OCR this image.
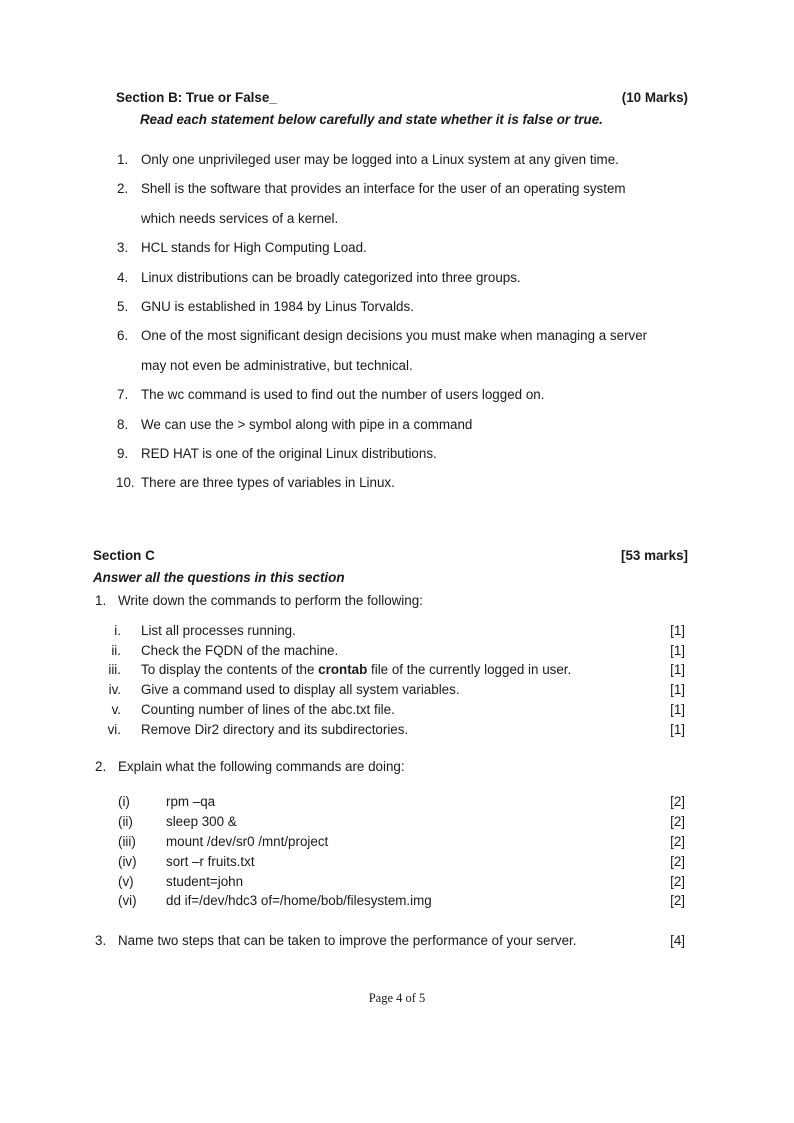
Section B: True or False_	(10 Marks)
Read each statement below carefully and state whether it is false or true.
1. Only one unprivileged user may be logged into a Linux system at any given time.
2. Shell is the software that provides an interface for the user of an operating system
which needs services of a kernel.
3. HCL stands for High Computing Load.
4. Linux distributions can be broadly categorized into three groups.
5. GNU is established in 1984 by Linus Torvalds.
6. One of the most significant design decisions you must make when managing a server
may not even be administrative, but technical.
7. The wc command is used to find out the number of users logged on.
8. We can use the > symbol along with pipe in a command
9. RED HAT is one of the original Linux distributions.
10. There are three types of variables in Linux.
Section C	[53 marks]
Answer all the questions in this section
1. Write down the commands to perform the following:
i. List all processes running.	[1]
ii. Check the FQDN of the machine.	[1]
iii. To display the contents of the crontab file of the currently logged in user.	[1]
iv. Give a command used to display all system variables.	[1]
v. Counting number of lines of the abc.txt file.	[1]
vi. Remove Dir2 directory and its subdirectories.	[1]
2. Explain what the following commands are doing:
(i)	rpm –qa	[2]
(ii) sleep 300 &	[2]
(iii) mount /dev/sr0 /mnt/project	[2]
(iv) sort –r fruits.txt	[2]
(v) student=john	[2]
(vi) dd if=/dev/hdc3 of=/home/bob/filesystem.img	[2]
3. Name two steps that can be taken to improve the performance of your server.	[4]
Page 4 of 5
